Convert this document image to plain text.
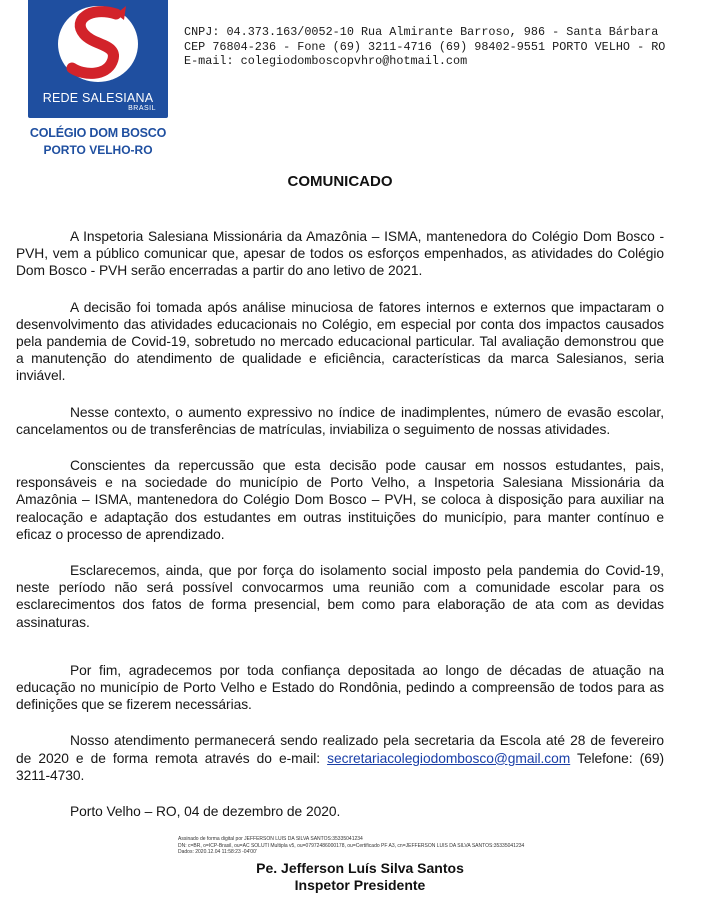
REDE SALESIANA
BRASIL
COLÉGIO DOM BOSCO
PORTO VELHO-RO
CNPJ: 04.373.163/0052-10 Rua Almirante Barroso, 986 - Santa Bárbara
CEP 76804-236 - Fone (69) 3211-4716 (69) 98402-9551 PORTO VELHO - RO
E-mail: colegiodomboscopvhro@hotmail.com
COMUNICADO

A Inspetoria Salesiana Missionária da Amazônia – ISMA, mantenedora do Colégio Dom Bosco - PVH, vem a público comunicar que, apesar de todos os esforços empenhados, as atividades do Colégio Dom Bosco - PVH serão encerradas a partir do ano letivo de 2021.

A decisão foi tomada após análise minuciosa de fatores internos e externos que impactaram o desenvolvimento das atividades educacionais no Colégio, em especial por conta dos impactos causados pela pandemia de Covid-19, sobretudo no mercado educacional particular. Tal avaliação demonstrou que a manutenção do atendimento de qualidade e eficiência, características da marca Salesianos, seria inviável.

Nesse contexto, o aumento expressivo no índice de inadimplentes, número de evasão escolar, cancelamentos ou de transferências de matrículas, inviabiliza o seguimento de nossas atividades.

Conscientes da repercussão que esta decisão pode causar em nossos estudantes, pais, responsáveis e na sociedade do município de Porto Velho, a Inspetoria Salesiana Missionária da Amazônia – ISMA, mantenedora do Colégio Dom Bosco – PVH, se coloca à disposição para auxiliar na realocação e adaptação dos estudantes em outras instituições do município, para manter contínuo e eficaz o processo de aprendizado.

Esclarecemos, ainda, que por força do isolamento social imposto pela pandemia do Covid-19, neste período não será possível convocarmos uma reunião com a comunidade escolar para os esclarecimentos dos fatos de forma presencial, bem como para elaboração de ata com as devidas assinaturas.

Por fim, agradecemos por toda confiança depositada ao longo de décadas de atuação na educação no município de Porto Velho e Estado do Rondônia, pedindo a compreensão de todos para as definições que se fizerem necessárias.

Nosso atendimento permanecerá sendo realizado pela secretaria da Escola até 28 de fevereiro de 2020 e de forma remota através do e-mail: secretariacolegiodombosco@gmail.com Telefone: (69) 3211-4730.

Porto Velho – RO, 04 de dezembro de 2020.

Assinado de forma digital por JEFFERSON LUIS DA SILVA SANTOS:35335041234
DN: c=BR, o=ICP-Brasil, ou=AC SOLUTI Multipla v5, ou=07972486000178, ou=Certificado PF A3, cn=JEFFERSON LUIS DA SILVA SANTOS:35335041234
Dados: 2020.12.04 11:58:23 -04'00'
Pe. Jefferson Luís Silva Santos
Inspetor Presidente
